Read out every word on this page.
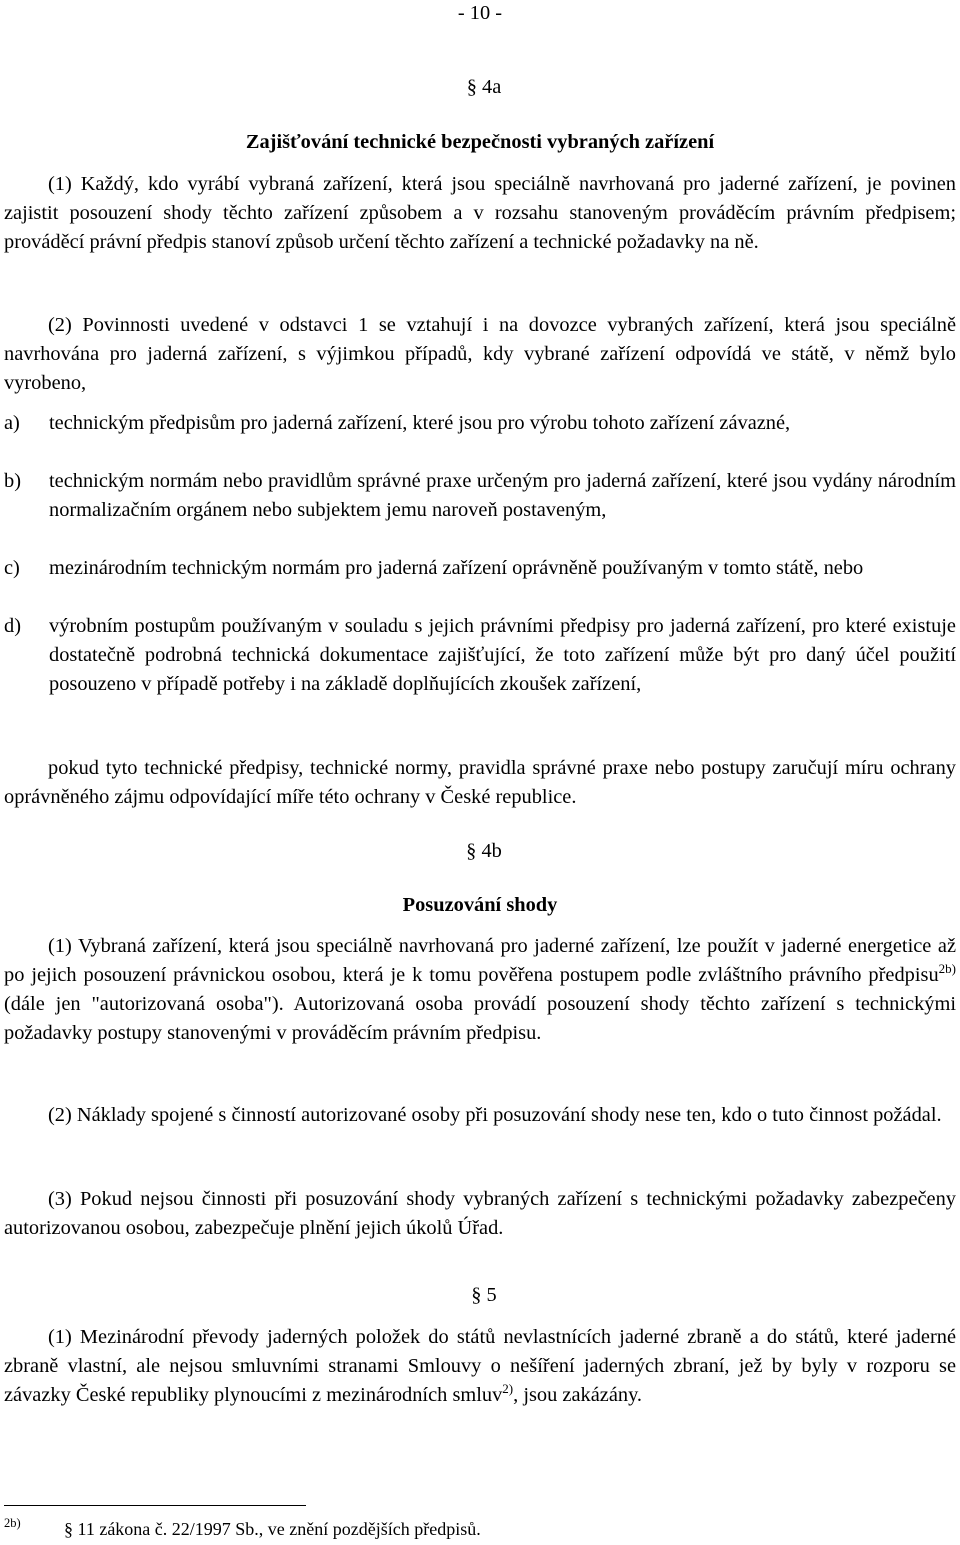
- 10 -
§ 4a
Zajišťování technické bezpečnosti vybraných zařízení
(1) Každý, kdo vyrábí vybraná zařízení, která jsou speciálně navrhovaná pro jaderné zařízení, je povinen zajistit posouzení shody těchto zařízení způsobem a v rozsahu stanoveným prováděcím právním předpisem; prováděcí právní předpis stanoví způsob určení těchto zařízení a technické požadavky na ně.
(2) Povinnosti uvedené v odstavci 1 se vztahují i na dovozce vybraných zařízení, která jsou speciálně navrhována pro jaderná zařízení, s výjimkou případů, kdy vybrané zařízení odpovídá ve státě, v němž bylo vyrobeno,
a) technickým předpisům pro jaderná zařízení, které jsou pro výrobu tohoto zařízení závazné,
b) technickým normám nebo pravidlům správné praxe určeným pro jaderná zařízení, které jsou vydány národním normalizačním orgánem nebo subjektem jemu naroveň postaveným,
c) mezinárodním technickým normám pro jaderná zařízení oprávněně používaným v tomto státě, nebo
d) výrobním postupům používaným v souladu s jejich právními předpisy pro jaderná zařízení, pro které existuje dostatečně podrobná technická dokumentace zajišťující, že toto zařízení může být pro daný účel použití posouzeno v případě potřeby i na základě doplňujících zkoušek zařízení,
pokud tyto technické předpisy, technické normy, pravidla správné praxe nebo postupy zaručují míru ochrany oprávněného zájmu odpovídající míře této ochrany v České republice.
§ 4b
Posuzování shody
(1) Vybraná zařízení, která jsou speciálně navrhovaná pro jaderné zařízení, lze použít v jaderné energetice až po jejich posouzení právnickou osobou, která je k tomu pověřena postupem podle zvláštního právního předpisu$^{2b)}$ (dále jen "autorizovaná osoba"). Autorizovaná osoba provádí posouzení shody těchto zařízení s technickými požadavky postupy stanovenými v prováděcím právním předpisu.
(2) Náklady spojené s činností autorizované osoby při posuzování shody nese ten, kdo o tuto činnost požádal.
(3) Pokud nejsou činnosti při posuzování shody vybraných zařízení s technickými požadavky zabezpečeny autorizovanou osobou, zabezpečuje plnění jejich úkolů Úřad.
§ 5
(1) Mezinárodní převody jaderných položek do států nevlastnících jaderné zbraně a do států, které jaderné zbraně vlastní, ale nejsou smluvními stranami Smlouvy o nešíření jaderných zbraní, jež by byly v rozporu se závazky České republiky plynoucími z mezinárodních smluv$^{2)}$, jsou zakázány.
2b) § 11 zákona č. 22/1997 Sb., ve znění pozdějších předpisů.
